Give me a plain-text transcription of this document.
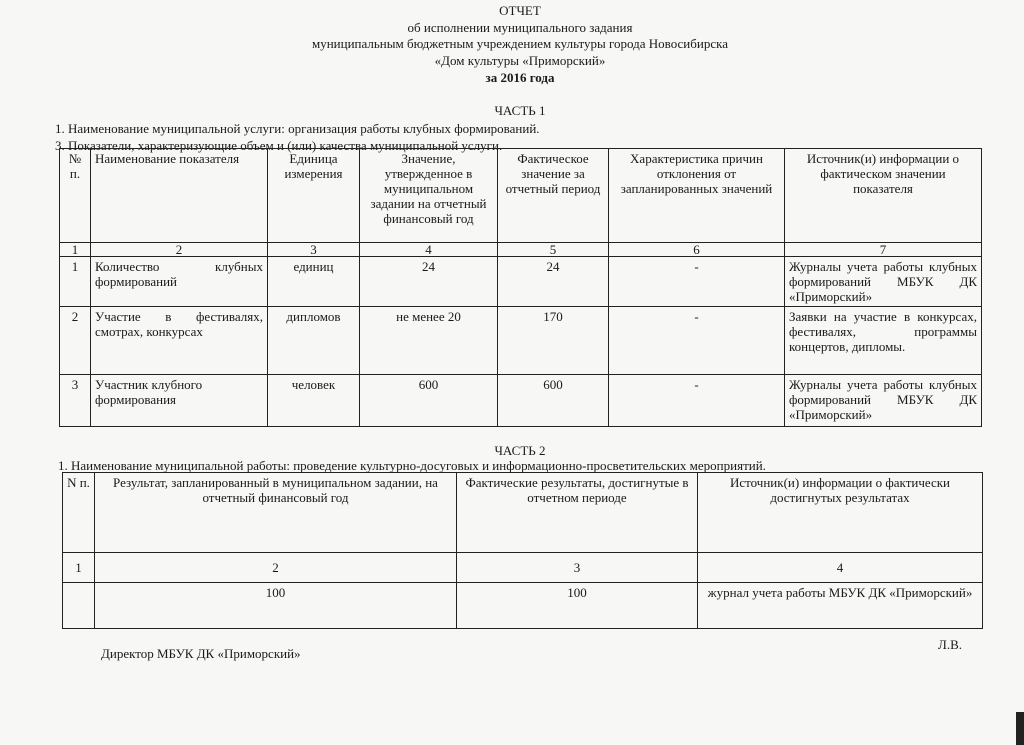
ОТЧЕТ
об исполнении муниципального задания
муниципальным бюджетным учреждением культуры города Новосибирска
«Дом культуры «Приморский»
за 2016 года
ЧАСТЬ 1
1. Наименование муниципальной услуги: организация работы клубных формирований.
3. Показатели, характеризующие объем и (или) качества муниципальной услуги.
№ п.	Наименование показателя	Единица измерения	Значение, утвержденное в муниципальном задании на отчетный финансовый год	Фактическое значение за отчетный период	Характеристика причин отклонения от запланированных значений	Источник(и) информации о фактическом значении показателя
1	2	3	4	5	6	7
1	Количество клубных формирований	единиц	24	24	-	Журналы учета работы клубных формирований МБУК ДК «Приморский»
2	Участие в фестивалях, смотрах, конкурсах	дипломов	не менее 20	170	-	Заявки на участие в конкурсах, фестивалях, программы концертов, дипломы.
3	Участник клубного формирования	человек	600	600	-	Журналы учета работы клубных формирований МБУК ДК «Приморский»
ЧАСТЬ 2
1. Наименование муниципальной работы: проведение культурно-досуговых и информационно-просветительских мероприятий.
N п.	Результат, запланированный в муниципальном задании, на отчетный финансовый год	Фактические результаты, достигнутые в отчетном периоде	Источник(и) информации о фактически достигнутых результатах
1	2	3	4
	100	100	журнал учета работы МБУК ДК «Приморский»
Директор МБУК ДК «Приморский»
Л.В.
